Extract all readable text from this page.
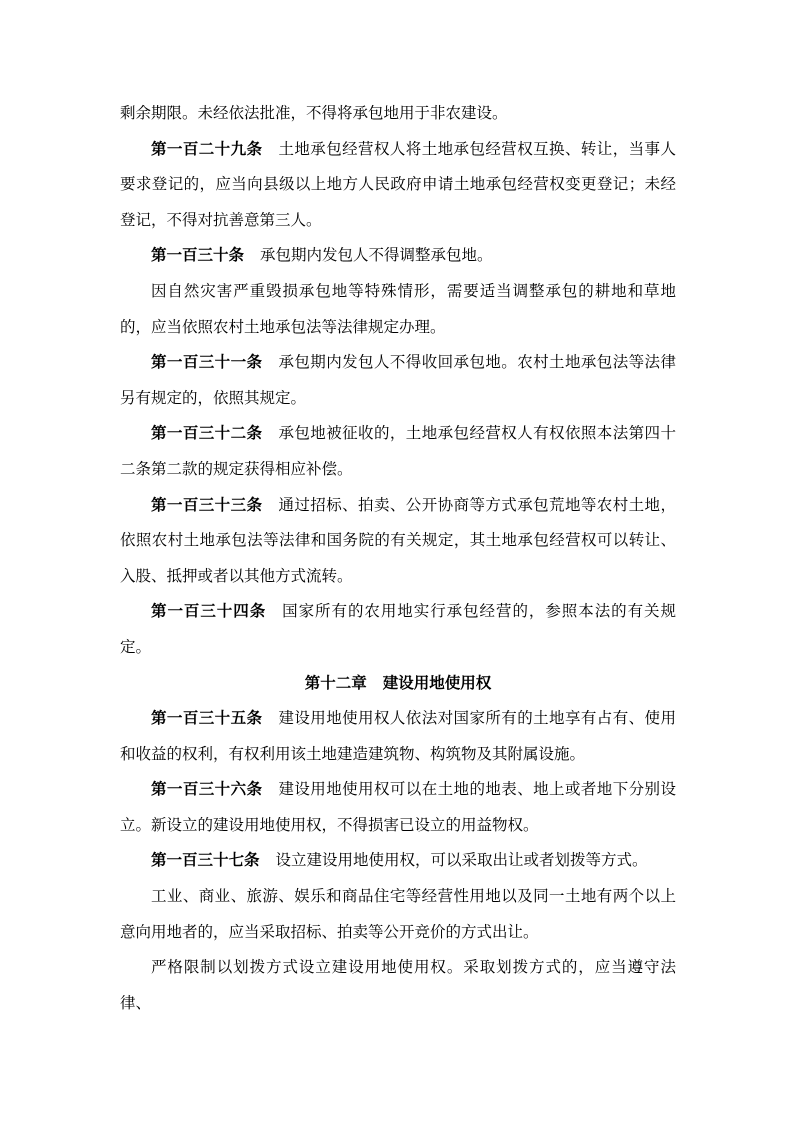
剩余期限。未经依法批准，不得将承包地用于非农建设。

第一百二十九条 土地承包经营权人将土地承包经营权互换、转让，当事人要求登记的，应当向县级以上地方人民政府申请土地承包经营权变更登记；未经登记，不得对抗善意第三人。

第一百三十条 承包期内发包人不得调整承包地。

因自然灾害严重毁损承包地等特殊情形，需要适当调整承包的耕地和草地的，应当依照农村土地承包法等法律规定办理。

第一百三十一条 承包期内发包人不得收回承包地。农村土地承包法等法律另有规定的，依照其规定。

第一百三十二条 承包地被征收的，土地承包经营权人有权依照本法第四十二条第二款的规定获得相应补偿。

第一百三十三条 通过招标、拍卖、公开协商等方式承包荒地等农村土地，依照农村土地承包法等法律和国务院的有关规定，其土地承包经营权可以转让、入股、抵押或者以其他方式流转。

第一百三十四条 国家所有的农用地实行承包经营的，参照本法的有关规定。

第十二章 建设用地使用权

第一百三十五条 建设用地使用权人依法对国家所有的土地享有占有、使用和收益的权利，有权利用该土地建造建筑物、构筑物及其附属设施。

第一百三十六条 建设用地使用权可以在土地的地表、地上或者地下分别设立。新设立的建设用地使用权，不得损害已设立的用益物权。

第一百三十七条 设立建设用地使用权，可以采取出让或者划拨等方式。

工业、商业、旅游、娱乐和商品住宅等经营性用地以及同一土地有两个以上意向用地者的，应当采取招标、拍卖等公开竞价的方式出让。

严格限制以划拨方式设立建设用地使用权。采取划拨方式的，应当遵守法律、
